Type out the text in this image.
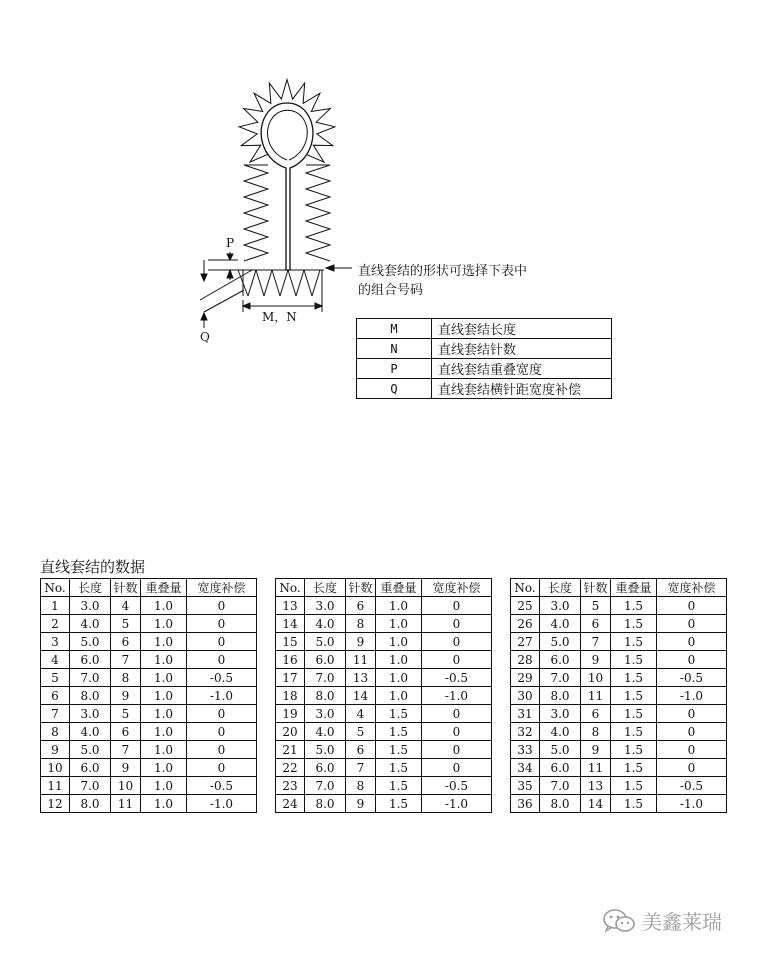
P
Q
M，N
直线套结的形状可选择下表中
的组合号码
M	直线套结长度
N	直线套结针数
P	直线套结重叠宽度
Q	直线套结横针距宽度补偿
直线套结的数据
No.	长度	针数	重叠量	宽度补偿
1	3.0	4	1.0	0
2	4.0	5	1.0	0
3	5.0	6	1.0	0
4	6.0	7	1.0	0
5	7.0	8	1.0	-0.5
6	8.0	9	1.0	-1.0
7	3.0	5	1.0	0
8	4.0	6	1.0	0
9	5.0	7	1.0	0
10	6.0	9	1.0	0
11	7.0	10	1.0	-0.5
12	8.0	11	1.0	-1.0
No.	长度	针数	重叠量	宽度补偿
13	3.0	6	1.0	0
14	4.0	8	1.0	0
15	5.0	9	1.0	0
16	6.0	11	1.0	0
17	7.0	13	1.0	-0.5
18	8.0	14	1.0	-1.0
19	3.0	4	1.5	0
20	4.0	5	1.5	0
21	5.0	6	1.5	0
22	6.0	7	1.5	0
23	7.0	8	1.5	-0.5
24	8.0	9	1.5	-1.0
No.	长度	针数	重叠量	宽度补偿
25	3.0	5	1.5	0
26	4.0	6	1.5	0
27	5.0	7	1.5	0
28	6.0	9	1.5	0
29	7.0	10	1.5	-0.5
30	8.0	11	1.5	-1.0
31	3.0	6	1.5	0
32	4.0	8	1.5	0
33	5.0	9	1.5	0
34	6.0	11	1.5	0
35	7.0	13	1.5	-0.5
36	8.0	14	1.5	-1.0
美鑫莱瑞
